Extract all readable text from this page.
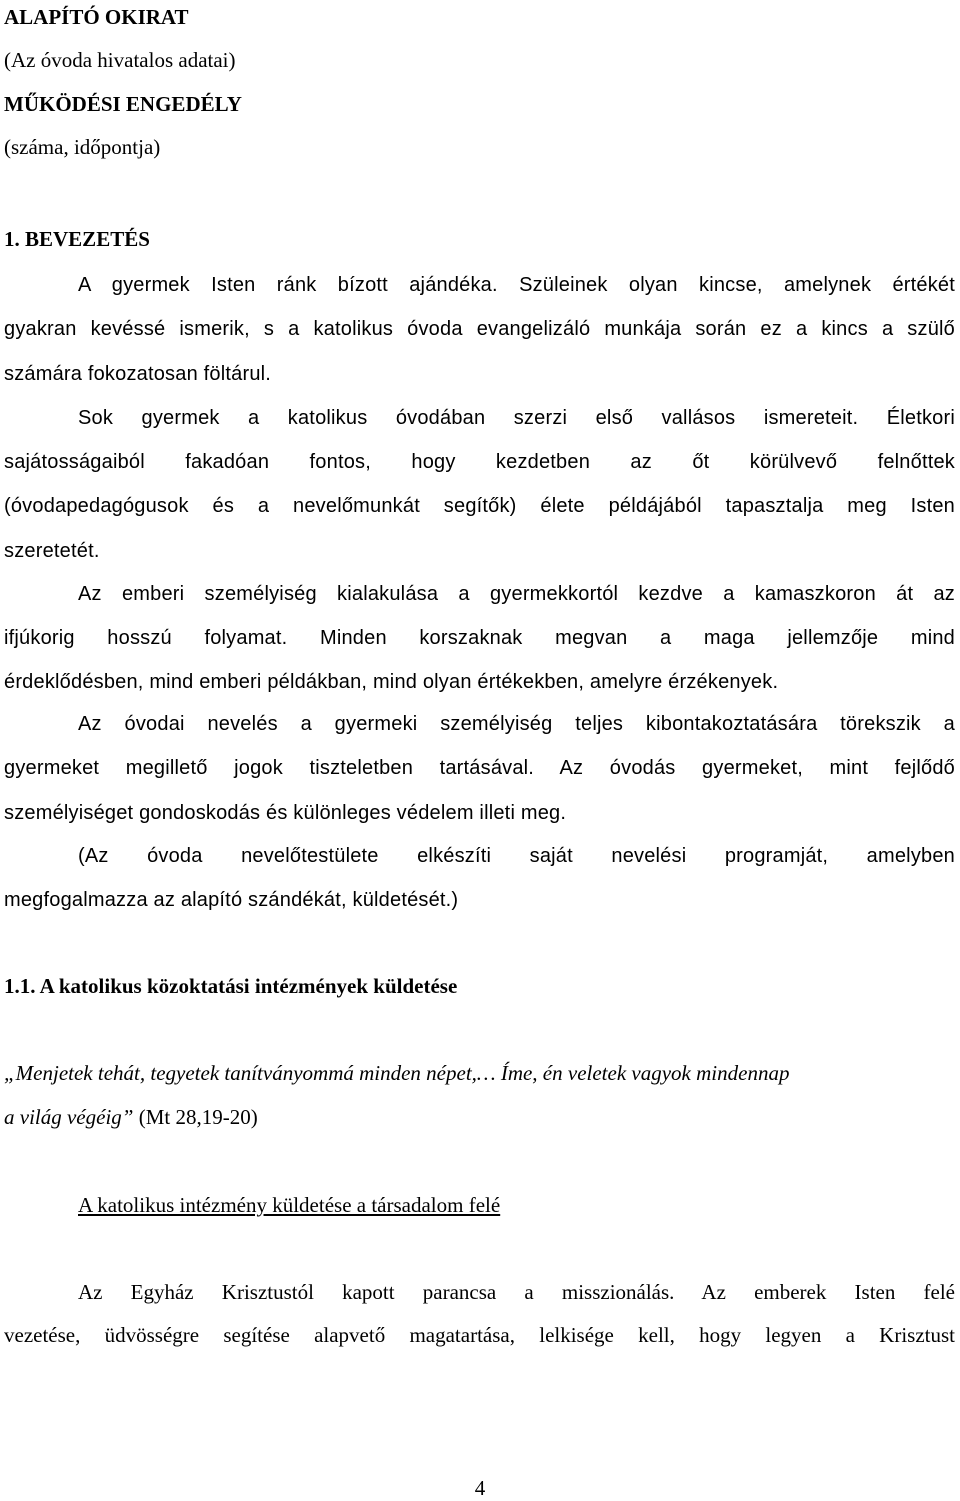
ALAPÍTÓ OKIRAT
(Az óvoda hivatalos adatai)
MŰKÖDÉSI ENGEDÉLY
(száma, időpontja)
1. BEVEZETÉS
A gyermek Isten ránk bízott ajándéka. Szüleinek olyan kincse, amelynek értékét
gyakran kevéssé ismerik, s a katolikus óvoda evangelizáló munkája során ez a kincs a szülő
számára fokozatosan föltárul.
Sok gyermek a katolikus óvodában szerzi első vallásos ismereteit. Életkori
sajátosságaiból fakadóan fontos, hogy kezdetben az őt körülvevő felnőttek
(óvodapedagógusok és a nevelőmunkát segítők) élete példájából tapasztalja meg Isten
szeretetét.
Az emberi személyiség kialakulása a gyermekkortól kezdve a kamaszkoron át az
ifjúkorig hosszú folyamat. Minden korszaknak megvan a maga jellemzője mind
érdeklődésben, mind emberi példákban, mind olyan értékekben, amelyre érzékenyek.
Az óvodai nevelés a gyermeki személyiség teljes kibontakoztatására törekszik a
gyermeket megillető jogok tiszteletben tartásával. Az óvodás gyermeket, mint fejlődő
személyiséget gondoskodás és különleges védelem illeti meg.
(Az óvoda nevelőtestülete elkészíti saját nevelési programját, amelyben
megfogalmazza az alapító szándékát, küldetését.)
1.1. A katolikus közoktatási intézmények küldetése
„Menjetek tehát, tegyetek tanítványommá minden népet,… Íme, én veletek vagyok mindennap
a világ végéig” (Mt 28,19-20)
A katolikus intézmény küldetése a társadalom felé
Az Egyház Krisztustól kapott parancsa a misszionálás. Az emberek Isten felé
vezetése, üdvösségre segítése alapvető magatartása, lelkisége kell, hogy legyen a Krisztust
4
